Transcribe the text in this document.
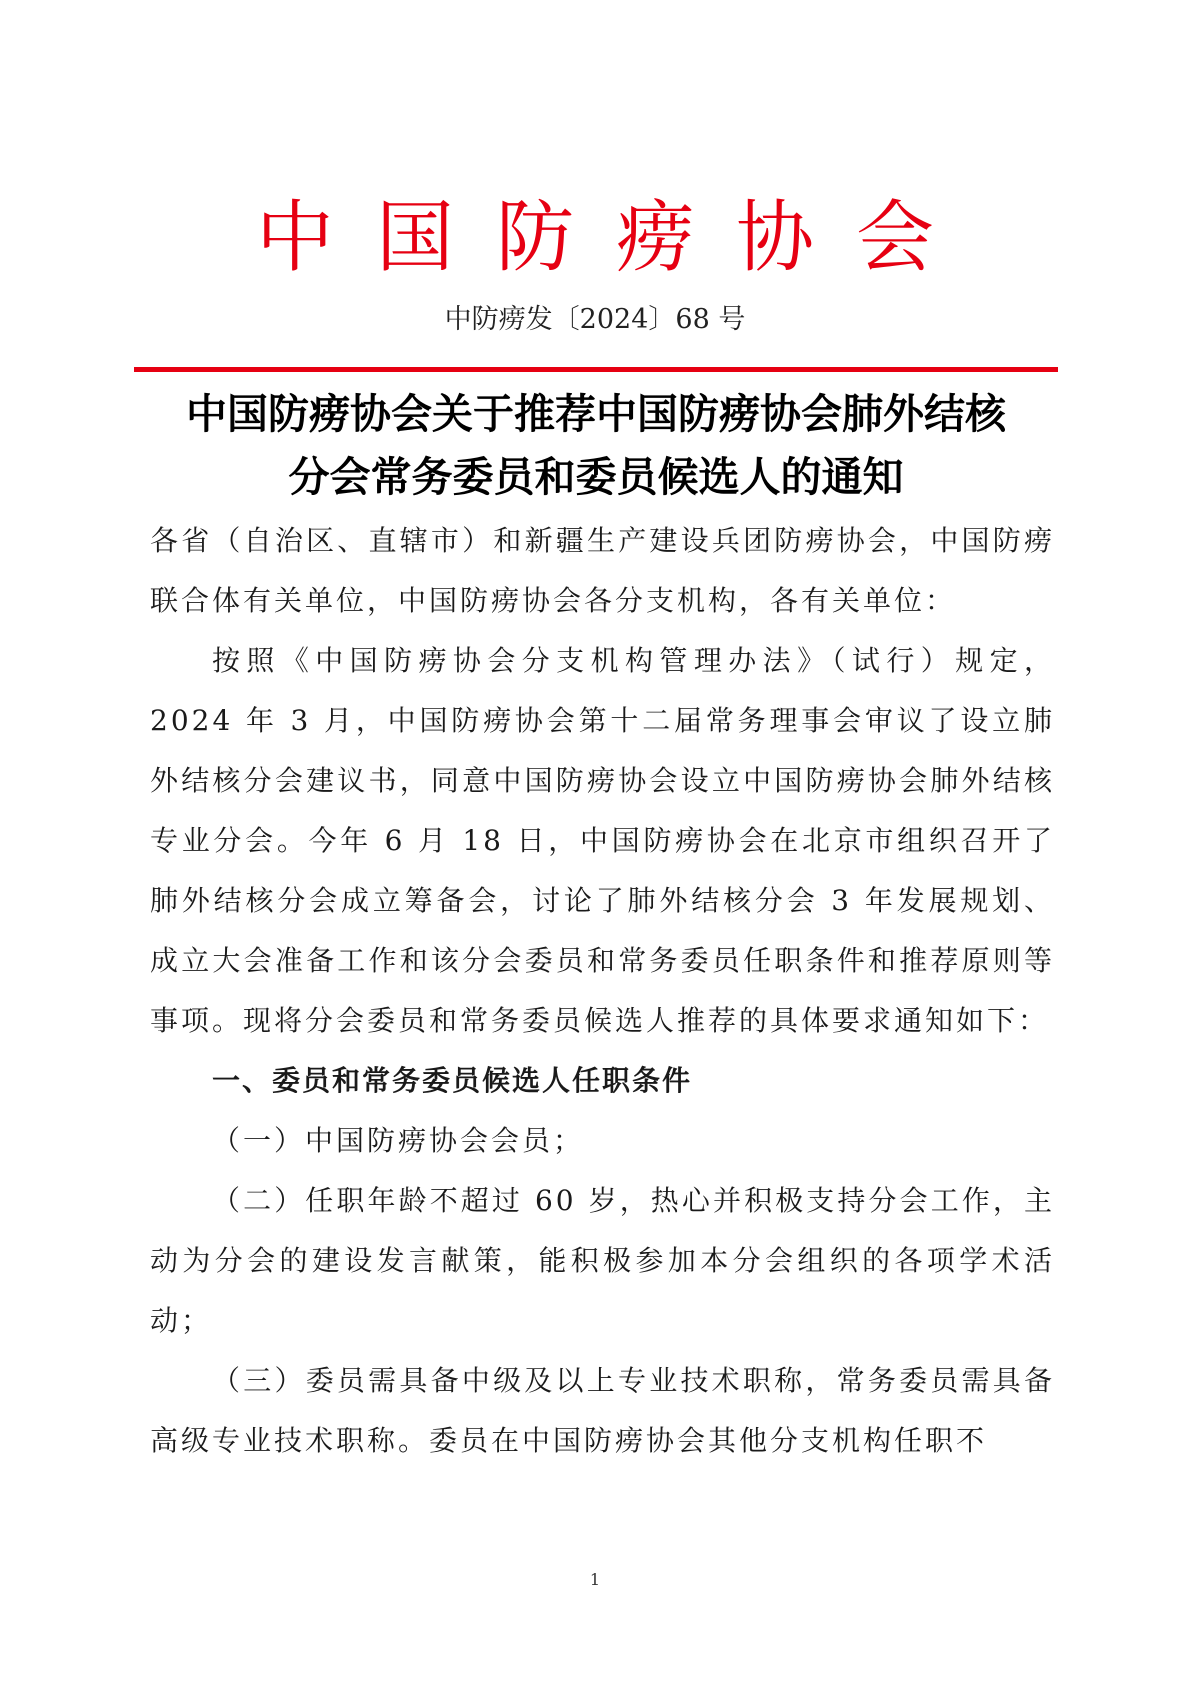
中国防痨协会
中防痨发〔2024〕68 号
中国防痨协会关于推荐中国防痨协会肺外结核
分会常务委员和委员候选人的通知

各省（自治区、直辖市）和新疆生产建设兵团防痨协会，中国防痨联合体有关单位，中国防痨协会各分支机构，各有关单位：

按照《中国防痨协会分支机构管理办法》（试行）规定，2024 年 3 月，中国防痨协会第十二届常务理事会审议了设立肺外结核分会建议书，同意中国防痨协会设立中国防痨协会肺外结核专业分会。今年 6 月 18 日，中国防痨协会在北京市组织召开了肺外结核分会成立筹备会，讨论了肺外结核分会 3 年发展规划、成立大会准备工作和该分会委员和常务委员任职条件和推荐原则等事项。现将分会委员和常务委员候选人推荐的具体要求通知如下：

一、委员和常务委员候选人任职条件

（一）中国防痨协会会员；

（二）任职年龄不超过 60 岁，热心并积极支持分会工作，主动为分会的建设发言献策，能积极参加本分会组织的各项学术活动；

（三）委员需具备中级及以上专业技术职称，常务委员需具备高级专业技术职称。委员在中国防痨协会其他分支机构任职不

1
